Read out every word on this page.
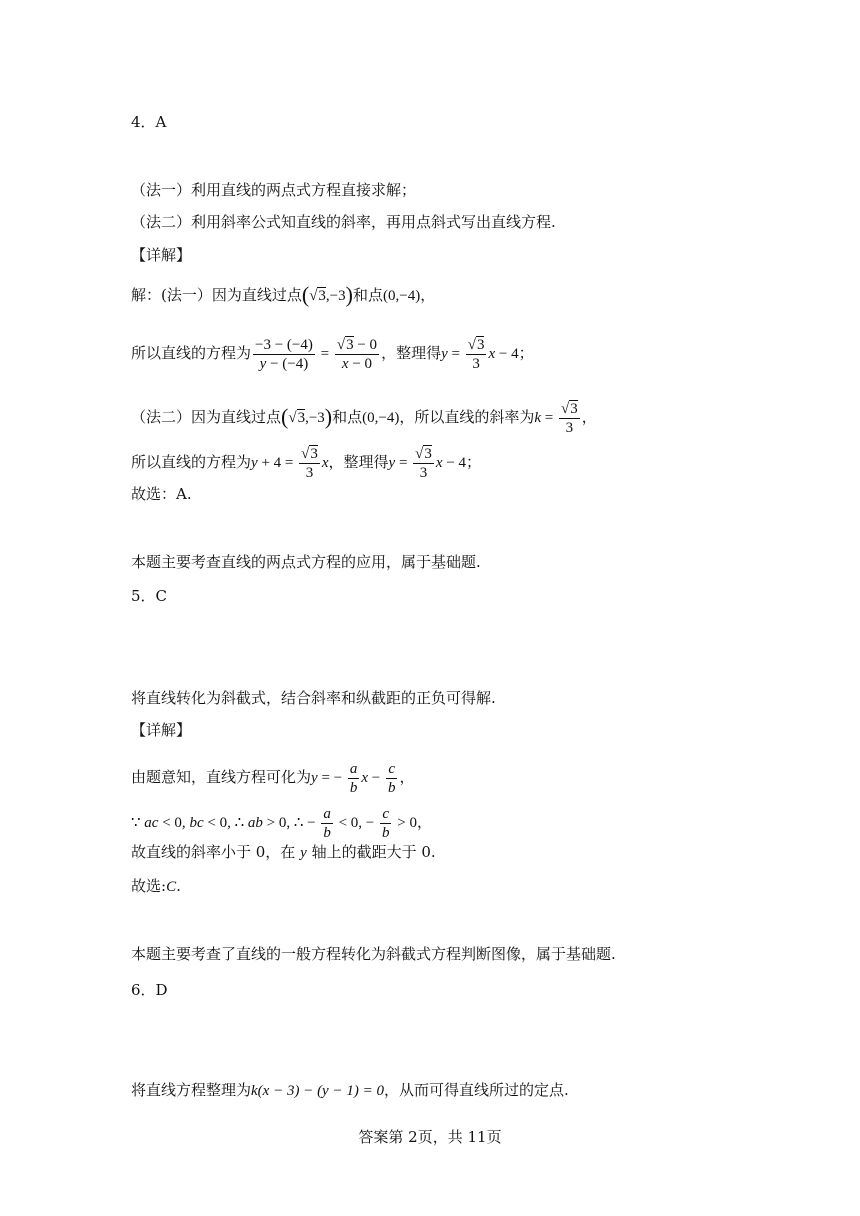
4．A
（法一）利用直线的两点式方程直接求解；
（法二）利用斜率公式知直线的斜率，再用点斜式写出直线方程.
【详解】
解：(法一）因为直线过点(√3,−3)和点(0,−4)，
所以直线的方程为 $\frac{-3 - (-4)}{y - (-4)} = \frac{√3 - 0}{x - 0}$ ，整理得$y = \frac{√3}{3}$ x − 4；
（法二）因为直线过点(√3,−3)和点(0,−4)，所以直线的斜率为$k = \frac{√3}{3}$ ，
所以直线的方程为$y + 4 = \frac{√3}{3}$ x，整理得$y = \frac{√3}{3}$ x − 4；
故选：A.
本题主要考查直线的两点式方程的应用，属于基础题.
5．C
将直线转化为斜截式，结合斜率和纵截距的正负可得解.
【详解】
由题意知，直线方程可化为y = − $\frac{a}{b}$ $x - \frac{c}{b}$ ，
∵ ac < 0, bc < 0, ∴ ab > 0, ∴ − $\frac{a}{b} < 0$, − $\frac{c}{b} > 0$，
故直线的斜率小于 0，在 y 轴上的截距大于 0.
故选:C.
本题主要考查了直线的一般方程转化为斜截式方程判断图像，属于基础题.
6．D
将直线方程整理为k(x − 3) − (y − 1) = 0，从而可得直线所过的定点.
答案第 2页，共 11页
